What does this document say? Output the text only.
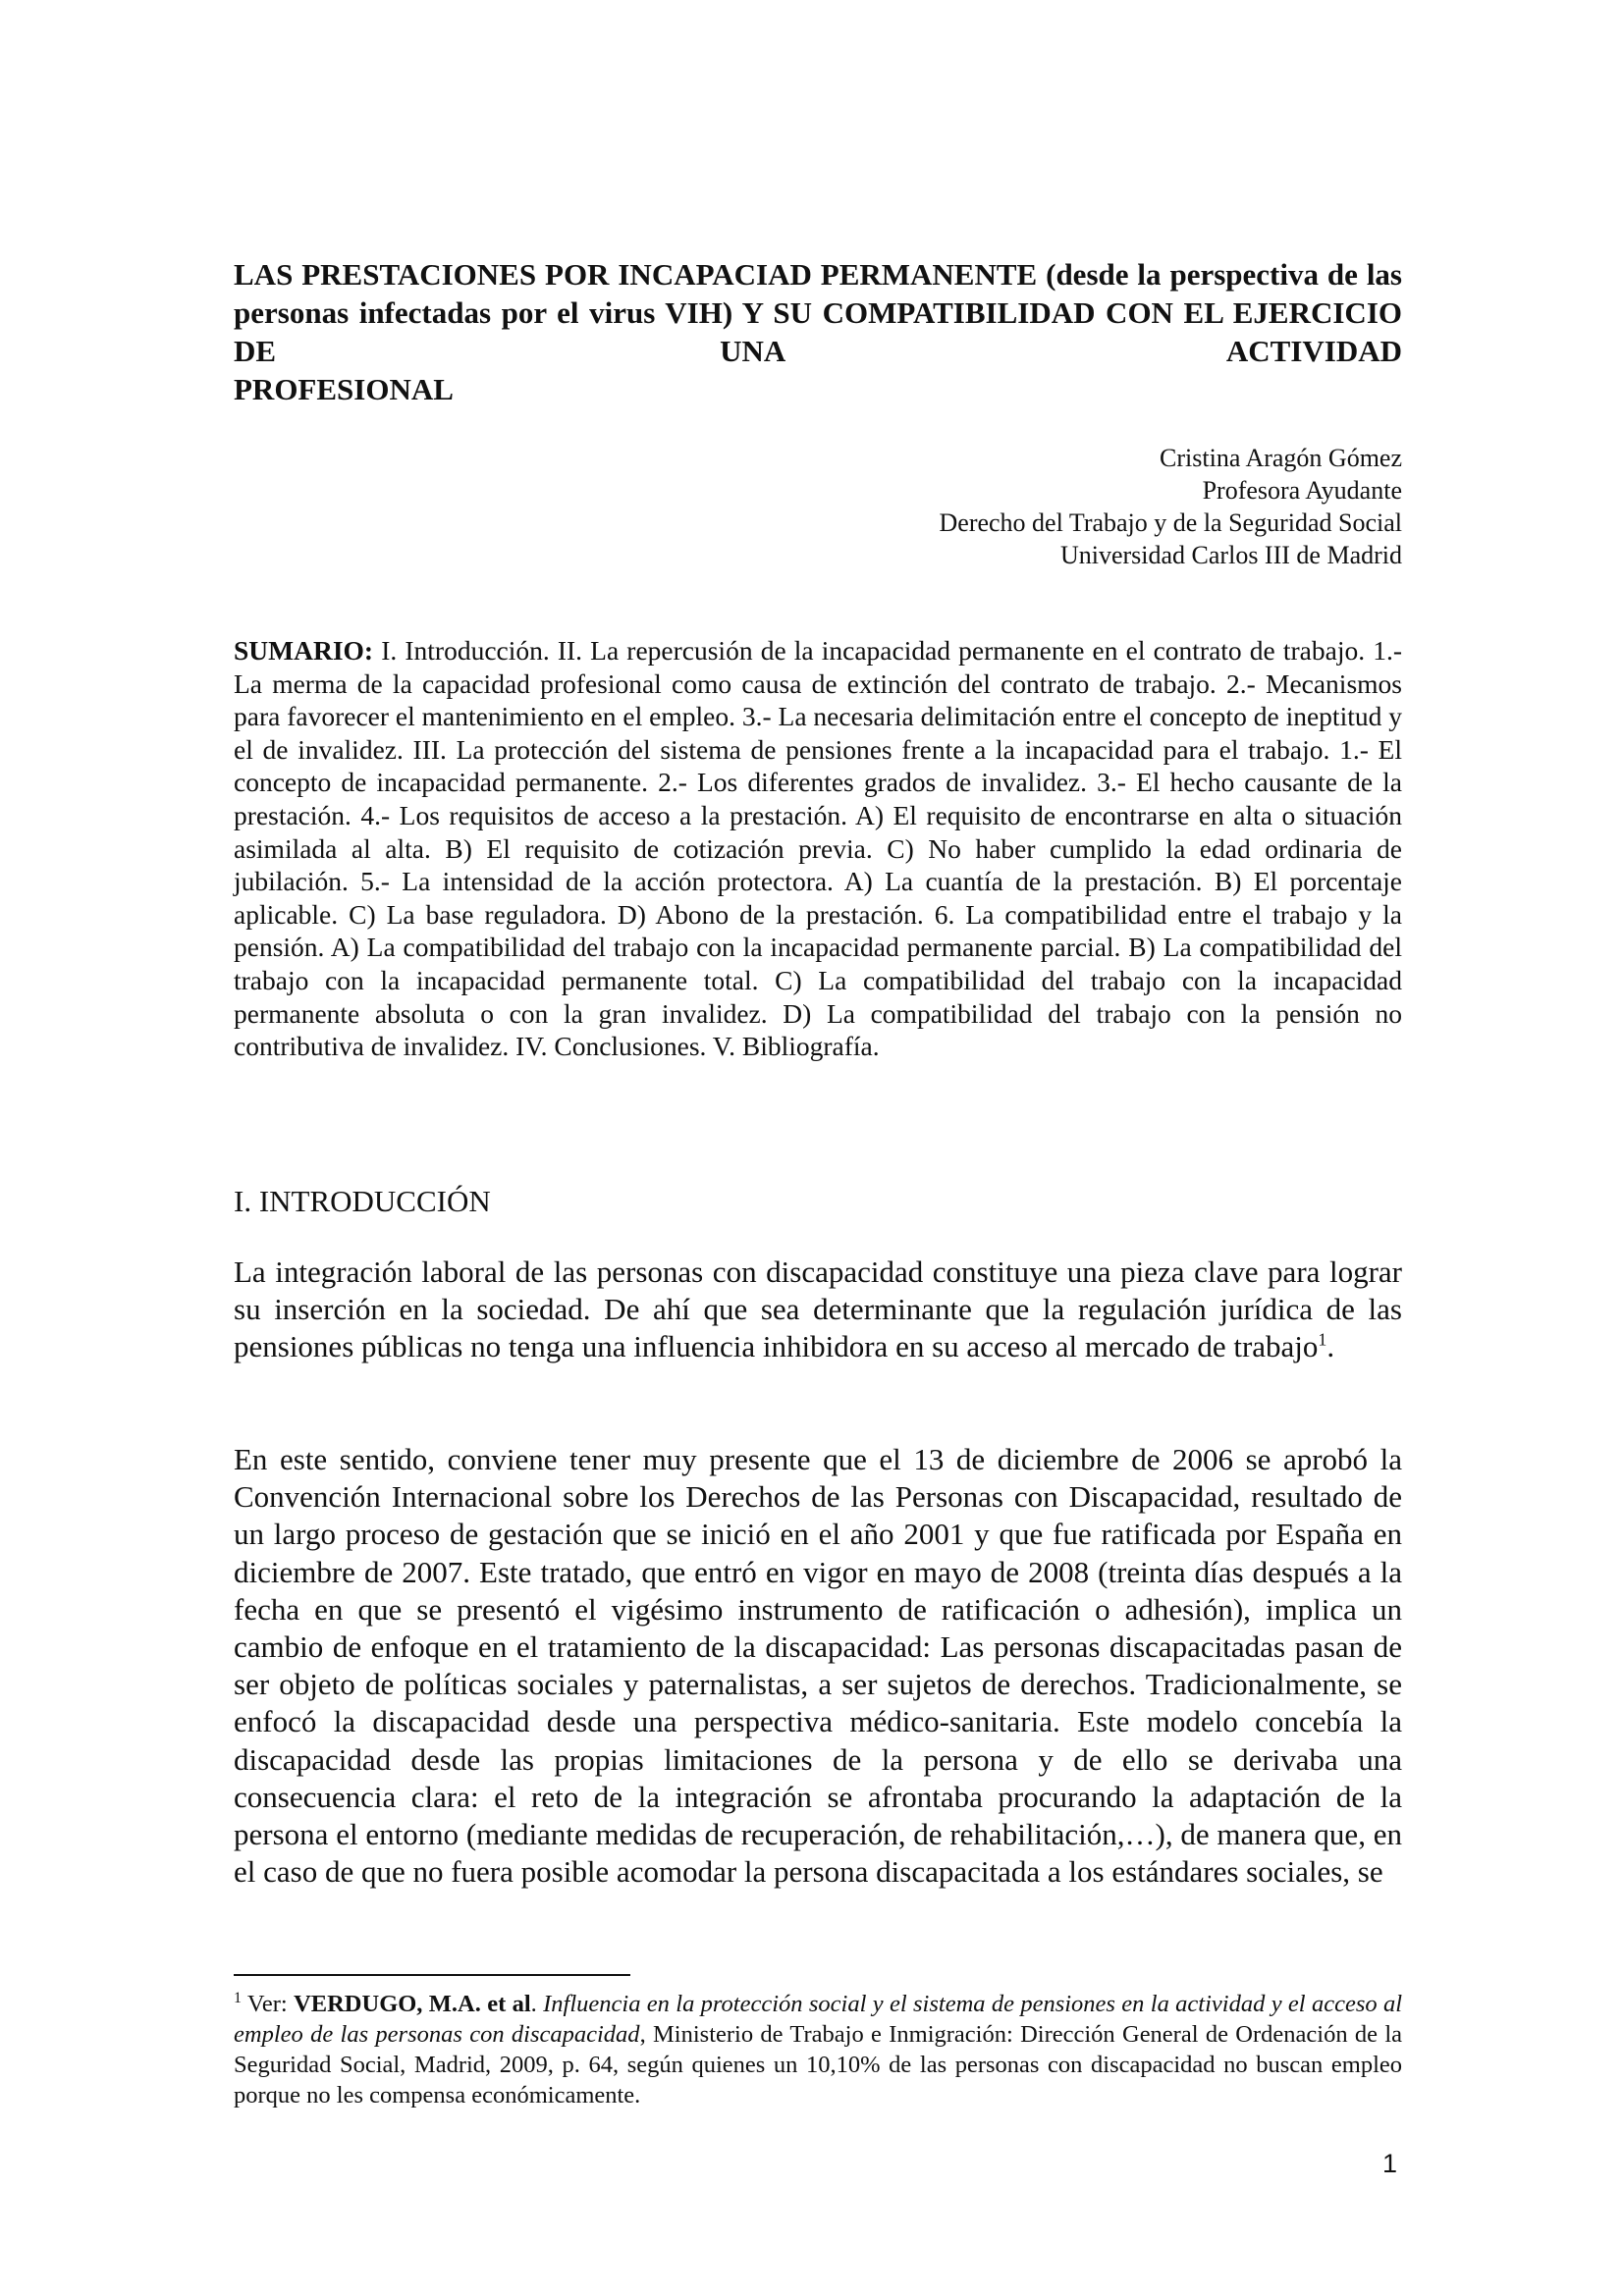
LAS PRESTACIONES POR INCAPACIAD PERMANENTE (desde la perspectiva de las personas infectadas por el virus VIH) Y SU COMPATIBILIDAD CON EL EJERCICIO DE UNA ACTIVIDAD
PROFESIONAL
Cristina Aragón Gómez
Profesora Ayudante
Derecho del Trabajo y de la Seguridad Social
Universidad Carlos III de Madrid

SUMARIO: I. Introducción. II. La repercusión de la incapacidad permanente en el contrato de trabajo. 1.- La merma de la capacidad profesional como causa de extinción del contrato de trabajo. 2.- Mecanismos para favorecer el mantenimiento en el empleo. 3.- La necesaria delimitación entre el concepto de ineptitud y el de invalidez. III. La protección del sistema de pensiones frente a la incapacidad para el trabajo. 1.- El concepto de incapacidad permanente. 2.- Los diferentes grados de invalidez. 3.- El hecho causante de la prestación. 4.- Los requisitos de acceso a la prestación. A) El requisito de encontrarse en alta o situación asimilada al alta. B) El requisito de cotización previa. C) No haber cumplido la edad ordinaria de jubilación. 5.- La intensidad de la acción protectora. A) La cuantía de la prestación. B) El porcentaje aplicable. C) La base reguladora. D) Abono de la prestación. 6. La compatibilidad entre el trabajo y la pensión. A) La compatibilidad del trabajo con la incapacidad permanente parcial. B) La compatibilidad del trabajo con la incapacidad permanente total. C) La compatibilidad del trabajo con la incapacidad permanente absoluta o con la gran invalidez. D) La compatibilidad del trabajo con la pensión no contributiva de invalidez. IV. Conclusiones. V. Bibliografía.

I. INTRODUCCIÓN

La integración laboral de las personas con discapacidad constituye una pieza clave para lograr su inserción en la sociedad. De ahí que sea determinante que la regulación jurídica de las pensiones públicas no tenga una influencia inhibidora en su acceso al mercado de trabajo$^1$.

En este sentido, conviene tener muy presente que el 13 de diciembre de 2006 se aprobó la Convención Internacional sobre los Derechos de las Personas con Discapacidad, resultado de un largo proceso de gestación que se inició en el año 2001 y que fue ratificada por España en diciembre de 2007. Este tratado, que entró en vigor en mayo de 2008 (treinta días después a la fecha en que se presentó el vigésimo instrumento de ratificación o adhesión), implica un cambio de enfoque en el tratamiento de la discapacidad: Las personas discapacitadas pasan de ser objeto de políticas sociales y paternalistas, a ser sujetos de derechos. Tradicionalmente, se enfocó la discapacidad desde una perspectiva médico-sanitaria. Este modelo concebía la discapacidad desde las propias limitaciones de la persona y de ello se derivaba una consecuencia clara: el reto de la integración se afrontaba procurando la adaptación de la persona el entorno (mediante medidas de recuperación, de rehabilitación,…), de manera que, en el caso de que no fuera posible acomodar la persona discapacitada a los estándares sociales, se

$^1$ Ver: VERDUGO, M.A. et al. Influencia en la protección social y el sistema de pensiones en la actividad y el acceso al empleo de las personas con discapacidad, Ministerio de Trabajo e Inmigración: Dirección General de Ordenación de la Seguridad Social, Madrid, 2009, p. 64, según quienes un 10,10% de las personas con discapacidad no buscan empleo porque no les compensa económicamente.

1
